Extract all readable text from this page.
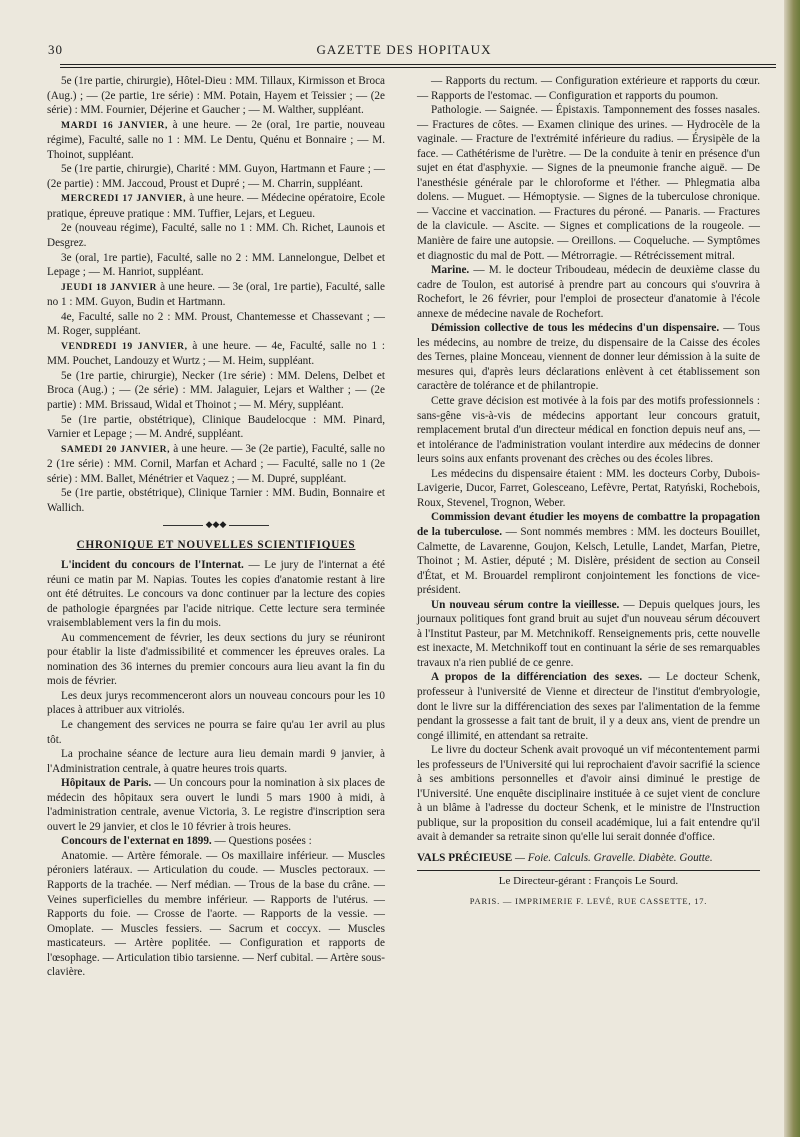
30	GAZETTE DES HOPITAUX

5e (1re partie, chirurgie), Hôtel-Dieu : MM. Tillaux, Kirmisson et Broca (Aug.) ; — (2e partie, 1re série) : MM. Potain, Hayem et Teissier ; — (2e série) : MM. Fournier, Déjerine et Gaucher ; — M. Walther, suppléant.

MARDI 16 JANVIER, à une heure. — 2e (oral, 1re partie, nouveau régime), Faculté, salle no 1 : MM. Le Dentu, Quénu et Bonnaire ; — M. Thoinot, suppléant.

5e (1re partie, chirurgie), Charité : MM. Guyon, Hartmann et Faure ; — (2e partie) : MM. Jaccoud, Proust et Dupré ; — M. Charrin, suppléant.

MERCREDI 17 JANVIER, à une heure. — Médecine opératoire, Ecole pratique, épreuve pratique : MM. Tuffier, Lejars, et Legueu.

2e (nouveau régime), Faculté, salle no 1 : MM. Ch. Richet, Launois et Desgrez.

3e (oral, 1re partie), Faculté, salle no 2 : MM. Lannelongue, Delbet et Lepage ; — M. Hanriot, suppléant.

JEUDI 18 JANVIER à une heure. — 3e (oral, 1re partie), Faculté, salle no 1 : MM. Guyon, Budin et Hartmann.

4e, Faculté, salle no 2 : MM. Proust, Chantemesse et Chassevant ; — M. Roger, suppléant.

VENDREDI 19 JANVIER, à une heure. — 4e, Faculté, salle no 1 : MM. Pouchet, Landouzy et Wurtz ; — M. Heim, suppléant.

5e (1re partie, chirurgie), Necker (1re série) : MM. Delens, Delbet et Broca (Aug.) ; — (2e série) : MM. Jalaguier, Lejars et Walther ; — (2e partie) : MM. Brissaud, Widal et Thoinot ; — M. Méry, suppléant.

5e (1re partie, obstétrique), Clinique Baudelocque : MM. Pinard, Varnier et Lepage ; — M. André, suppléant.

SAMEDI 20 JANVIER, à une heure. — 3e (2e partie), Faculté, salle no 2 (1re série) : MM. Cornil, Marfan et Achard ; — Faculté, salle no 1 (2e série) : MM. Ballet, Ménétrier et Vaquez ; — M. Dupré, suppléant.

5e (1re partie, obstétrique), Clinique Tarnier : MM. Budin, Bonnaire et Wallich.

◆◆◆
CHRONIQUE ET NOUVELLES SCIENTIFIQUES

L'incident du concours de l'Internat. — Le jury de l'internat a été réuni ce matin par M. Napias. Toutes les copies d'anatomie restant à lire ont été détruites. Le concours va donc continuer par la lecture des copies de pathologie épargnées par l'acide nitrique. Cette lecture sera terminée vraisemblablement vers la fin du mois.

Au commencement de février, les deux sections du jury se réuniront pour établir la liste d'admissibilité et commencer les épreuves orales. La nomination des 36 internes du premier concours aura lieu avant la fin du mois de février.

Les deux jurys recommenceront alors un nouveau concours pour les 10 places à attribuer aux vitriolés.

Le changement des services ne pourra se faire qu'au 1er avril au plus tôt.

La prochaine séance de lecture aura lieu demain mardi 9 janvier, à l'Administration centrale, à quatre heures trois quarts.

Hôpitaux de Paris. — Un concours pour la nomination à six places de médecin des hôpitaux sera ouvert le lundi 5 mars 1900 à midi, à l'administration centrale, avenue Victoria, 3. Le registre d'inscription sera ouvert le 29 janvier, et clos le 10 février à trois heures.

Concours de l'externat en 1899. — Questions posées :

Anatomie. — Artère fémorale. — Os maxillaire inférieur. — Muscles péroniers latéraux. — Articulation du coude. — Muscles pectoraux. — Rapports de la trachée. — Nerf médian. — Trous de la base du crâne. — Veines superficielles du membre inférieur. — Rapports de l'utérus. — Rapports du foie. — Crosse de l'aorte. — Rapports de la vessie. — Omoplate. — Muscles fessiers. — Sacrum et coccyx. — Muscles masticateurs. — Artère poplitée. — Configuration et rapports de l'œsophage. — Articulation tibio tarsienne. — Nerf cubital. — Artère sous-clavière.

— Rapports du rectum. — Configuration extérieure et rapports du cœur. — Rapports de l'estomac. — Configuration et rapports du poumon.

Pathologie. — Saignée. — Épistaxis. Tamponnement des fosses nasales. — Fractures de côtes. — Examen clinique des urines. — Hydrocèle de la vaginale. — Fracture de l'extrémité inférieure du radius. — Érysipèle de la face. — Cathétérisme de l'urètre. — De la conduite à tenir en présence d'un sujet en état d'asphyxie. — Signes de la pneumonie franche aiguë. — De l'anesthésie générale par le chloroforme et l'éther. — Phlegmatia alba dolens. — Muguet. — Hémoptysie. — Signes de la tuberculose chronique. — Vaccine et vaccination. — Fractures du péroné. — Panaris. — Fractures de la clavicule. — Ascite. — Signes et complications de la rougeole. — Manière de faire une autopsie. — Oreillons. — Coqueluche. — Symptômes et diagnostic du mal de Pott. — Métrorragie. — Rétrécissement mitral.

Marine. — M. le docteur Triboudeau, médecin de deuxième classe du cadre de Toulon, est autorisé à prendre part au concours qui s'ouvrira à Rochefort, le 26 février, pour l'emploi de prosecteur d'anatomie à l'école annexe de médecine navale de Rochefort.

Démission collective de tous les médecins d'un dispensaire. — Tous les médecins, au nombre de treize, du dispensaire de la Caisse des écoles des Ternes, plaine Monceau, viennent de donner leur démission à la suite de mesures qui, d'après leurs déclarations enlèvent à cet établissement son caractère de tolérance et de philantropie.

Cette grave décision est motivée à la fois par des motifs professionnels : sans-gêne vis-à-vis de médecins apportant leur concours gratuit, remplacement brutal d'un directeur médical en fonction depuis neuf ans, — et intolérance de l'administration voulant interdire aux médecins de donner leurs soins aux enfants provenant des crèches ou des écoles libres.

Les médecins du dispensaire étaient : MM. les docteurs Corby, Dubois-Lavigerie, Ducor, Farret, Golesceano, Lefèvre, Pertat, Ratyński, Rochebois, Roux, Stevenel, Trognon, Weber.

Commission devant étudier les moyens de combattre la propagation de la tuberculose. — Sont nommés membres : MM. les docteurs Bouillet, Calmette, de Lavarenne, Goujon, Kelsch, Letulle, Landet, Marfan, Pietre, Thoinot ; M. Astier, député ; M. Dislère, président de section au Conseil d'État, et M. Brouardel rempliront conjointement les fonctions de vice-président.

Un nouveau sérum contre la vieillesse. — Depuis quelques jours, les journaux politiques font grand bruit au sujet d'un nouveau sérum découvert à l'Institut Pasteur, par M. Metchnikoff. Renseignements pris, cette nouvelle est inexacte, M. Metchnikoff tout en continuant la série de ses remarquables travaux n'a rien publié de ce genre.

A propos de la différenciation des sexes. — Le docteur Schenk, professeur à l'université de Vienne et directeur de l'institut d'embryologie, dont le livre sur la différenciation des sexes par l'alimentation de la femme pendant la grossesse a fait tant de bruit, il y a deux ans, vient de prendre un congé illimité, en attendant sa retraite.

Le livre du docteur Schenk avait provoqué un vif mécontentement parmi les professeurs de l'Université qui lui reprochaient d'avoir sacrifié la science à ses ambitions personnelles et d'avoir ainsi diminué le prestige de l'Université. Une enquête disciplinaire instituée à ce sujet vient de conclure à un blâme à l'adresse du docteur Schenk, et le ministre de l'Instruction publique, sur la proposition du conseil académique, lui a fait entendre qu'il avait à demander sa retraite sinon qu'elle lui serait donnée d'office.

VALS PRÉCIEUSE — Foie. Calculs. Gravelle. Diabète. Goutte.

Le Directeur-gérant : François Le Sourd.
PARIS. — IMPRIMERIE F. LEVÉ, RUE CASSETTE, 17.
